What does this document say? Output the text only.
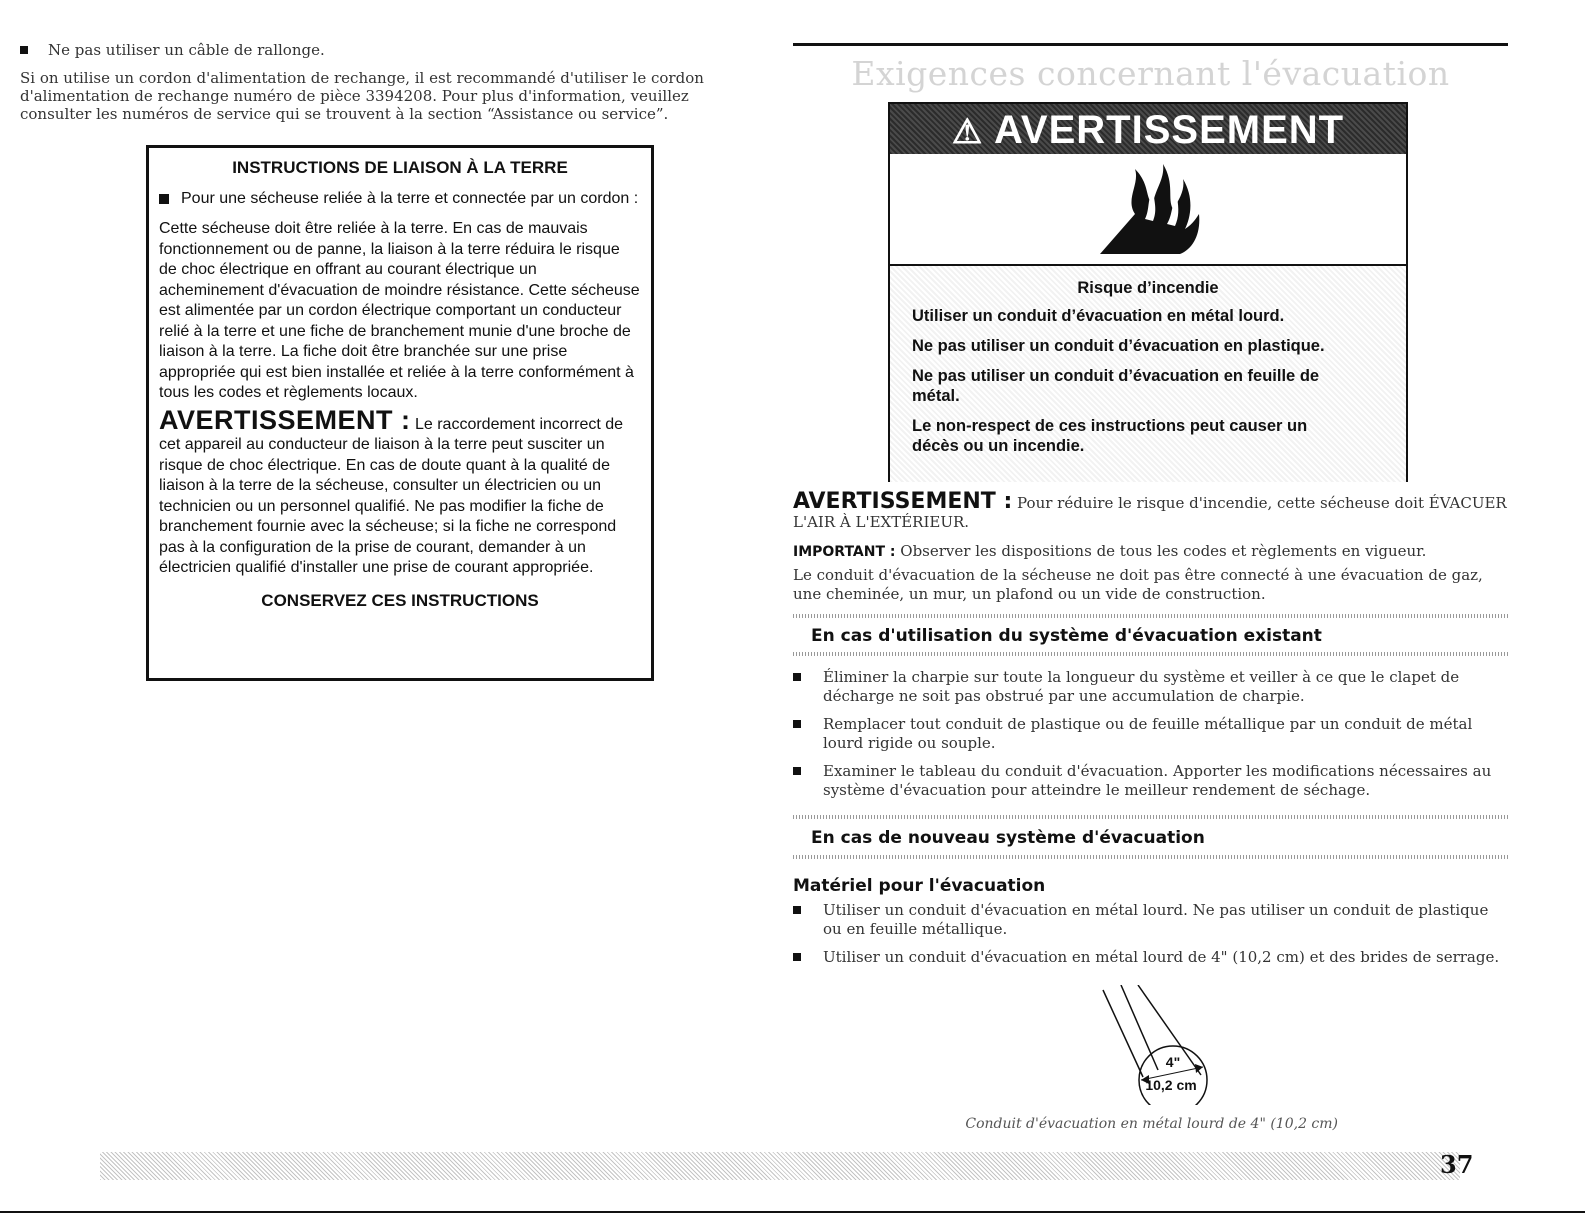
Ne pas utiliser un câble de rallonge.

Si on utilise un cordon d'alimentation de rechange, il est recommandé d'utiliser le cordon d'alimentation de rechange numéro de pièce 3394208. Pour plus d'information, veuillez consulter les numéros de service qui se trouvent à la section “Assistance ou service”.

INSTRUCTIONS DE LIAISON À LA TERRE
Pour une sécheuse reliée à la terre et connectée par un cordon :

Cette sécheuse doit être reliée à la terre. En cas de mauvais fonctionnement ou de panne, la liaison à la terre réduira le risque de choc électrique en offrant au courant électrique un acheminement d'évacuation de moindre résistance. Cette sécheuse est alimentée par un cordon électrique comportant un conducteur relié à la terre et une fiche de branchement munie d'une broche de liaison à la terre. La fiche doit être branchée sur une prise appropriée qui est bien installée et reliée à la terre conformément à tous les codes et règlements locaux.

AVERTISSEMENT : Le raccordement incorrect de cet appareil au conducteur de liaison à la terre peut susciter un risque de choc électrique. En cas de doute quant à la qualité de liaison à la terre de la sécheuse, consulter un électricien ou un technicien ou un personnel qualifié. Ne pas modifier la fiche de branchement fournie avec la sécheuse; si la fiche ne correspond pas à la configuration de la prise de courant, demander à un électricien qualifié d'installer une prise de courant appropriée.

CONSERVEZ CES INSTRUCTIONS
Exigences concernant l'évacuation
⚠ AVERTISSEMENT

Risque d’incendie

Utiliser un conduit d’évacuation en métal lourd.

Ne pas utiliser un conduit d’évacuation en plastique.

Ne pas utiliser un conduit d’évacuation en feuille de métal.

Le non-respect de ces instructions peut causer un décès ou un incendie.

AVERTISSEMENT : Pour réduire le risque d'incendie, cette sécheuse doit ÉVACUER L'AIR À L'EXTÉRIEUR.
IMPORTANT : Observer les dispositions de tous les codes et règlements en vigueur.

Le conduit d'évacuation de la sécheuse ne doit pas être connecté à une évacuation de gaz, une cheminée, un mur, un plafond ou un vide de construction.

En cas d'utilisation du système d'évacuation existant
Éliminer la charpie sur toute la longueur du système et veiller à ce que le clapet de décharge ne soit pas obstrué par une accumulation de charpie.
Remplacer tout conduit de plastique ou de feuille métallique par un conduit de métal lourd rigide ou souple.
Examiner le tableau du conduit d'évacuation. Apporter les modifications nécessaires au système d'évacuation pour atteindre le meilleur rendement de séchage.
En cas de nouveau système d'évacuation
Matériel pour l'évacuation
Utiliser un conduit d'évacuation en métal lourd. Ne pas utiliser un conduit de plastique ou en feuille métallique.
Utiliser un conduit d'évacuation en métal lourd de 4" (10,2 cm) et des brides de serrage.
4"
10,2 cm
Conduit d'évacuation en métal lourd de 4" (10,2 cm)
37
